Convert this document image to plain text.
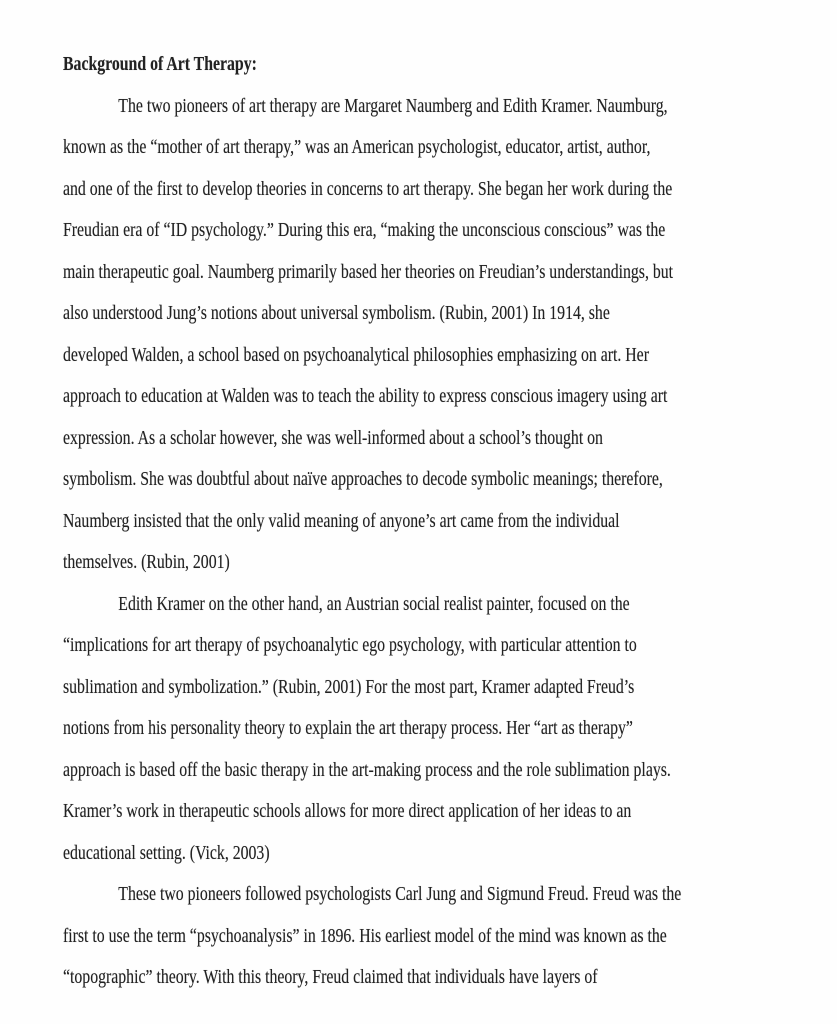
Background of Art Therapy:
The two pioneers of art therapy are Margaret Naumberg and Edith Kramer. Naumburg,
known as the “mother of art therapy,” was an American psychologist, educator, artist, author,
and one of the first to develop theories in concerns to art therapy. She began her work during the
Freudian era of “ID psychology.” During this era, “making the unconscious conscious” was the
main therapeutic goal. Naumberg primarily based her theories on Freudian’s understandings, but
also understood Jung’s notions about universal symbolism. (Rubin, 2001) In 1914, she
developed Walden, a school based on psychoanalytical philosophies emphasizing on art. Her
approach to education at Walden was to teach the ability to express conscious imagery using art
expression. As a scholar however, she was well-informed about a school’s thought on
symbolism. She was doubtful about naïve approaches to decode symbolic meanings; therefore,
Naumberg insisted that the only valid meaning of anyone’s art came from the individual
themselves. (Rubin, 2001)
Edith Kramer on the other hand, an Austrian social realist painter, focused on the
“implications for art therapy of psychoanalytic ego psychology, with particular attention to
sublimation and symbolization.” (Rubin, 2001) For the most part, Kramer adapted Freud’s
notions from his personality theory to explain the art therapy process. Her “art as therapy”
approach is based off the basic therapy in the art-making process and the role sublimation plays.
Kramer’s work in therapeutic schools allows for more direct application of her ideas to an
educational setting. (Vick, 2003)
These two pioneers followed psychologists Carl Jung and Sigmund Freud. Freud was the
first to use the term “psychoanalysis” in 1896. His earliest model of the mind was known as the
“topographic” theory. With this theory, Freud claimed that individuals have layers of
